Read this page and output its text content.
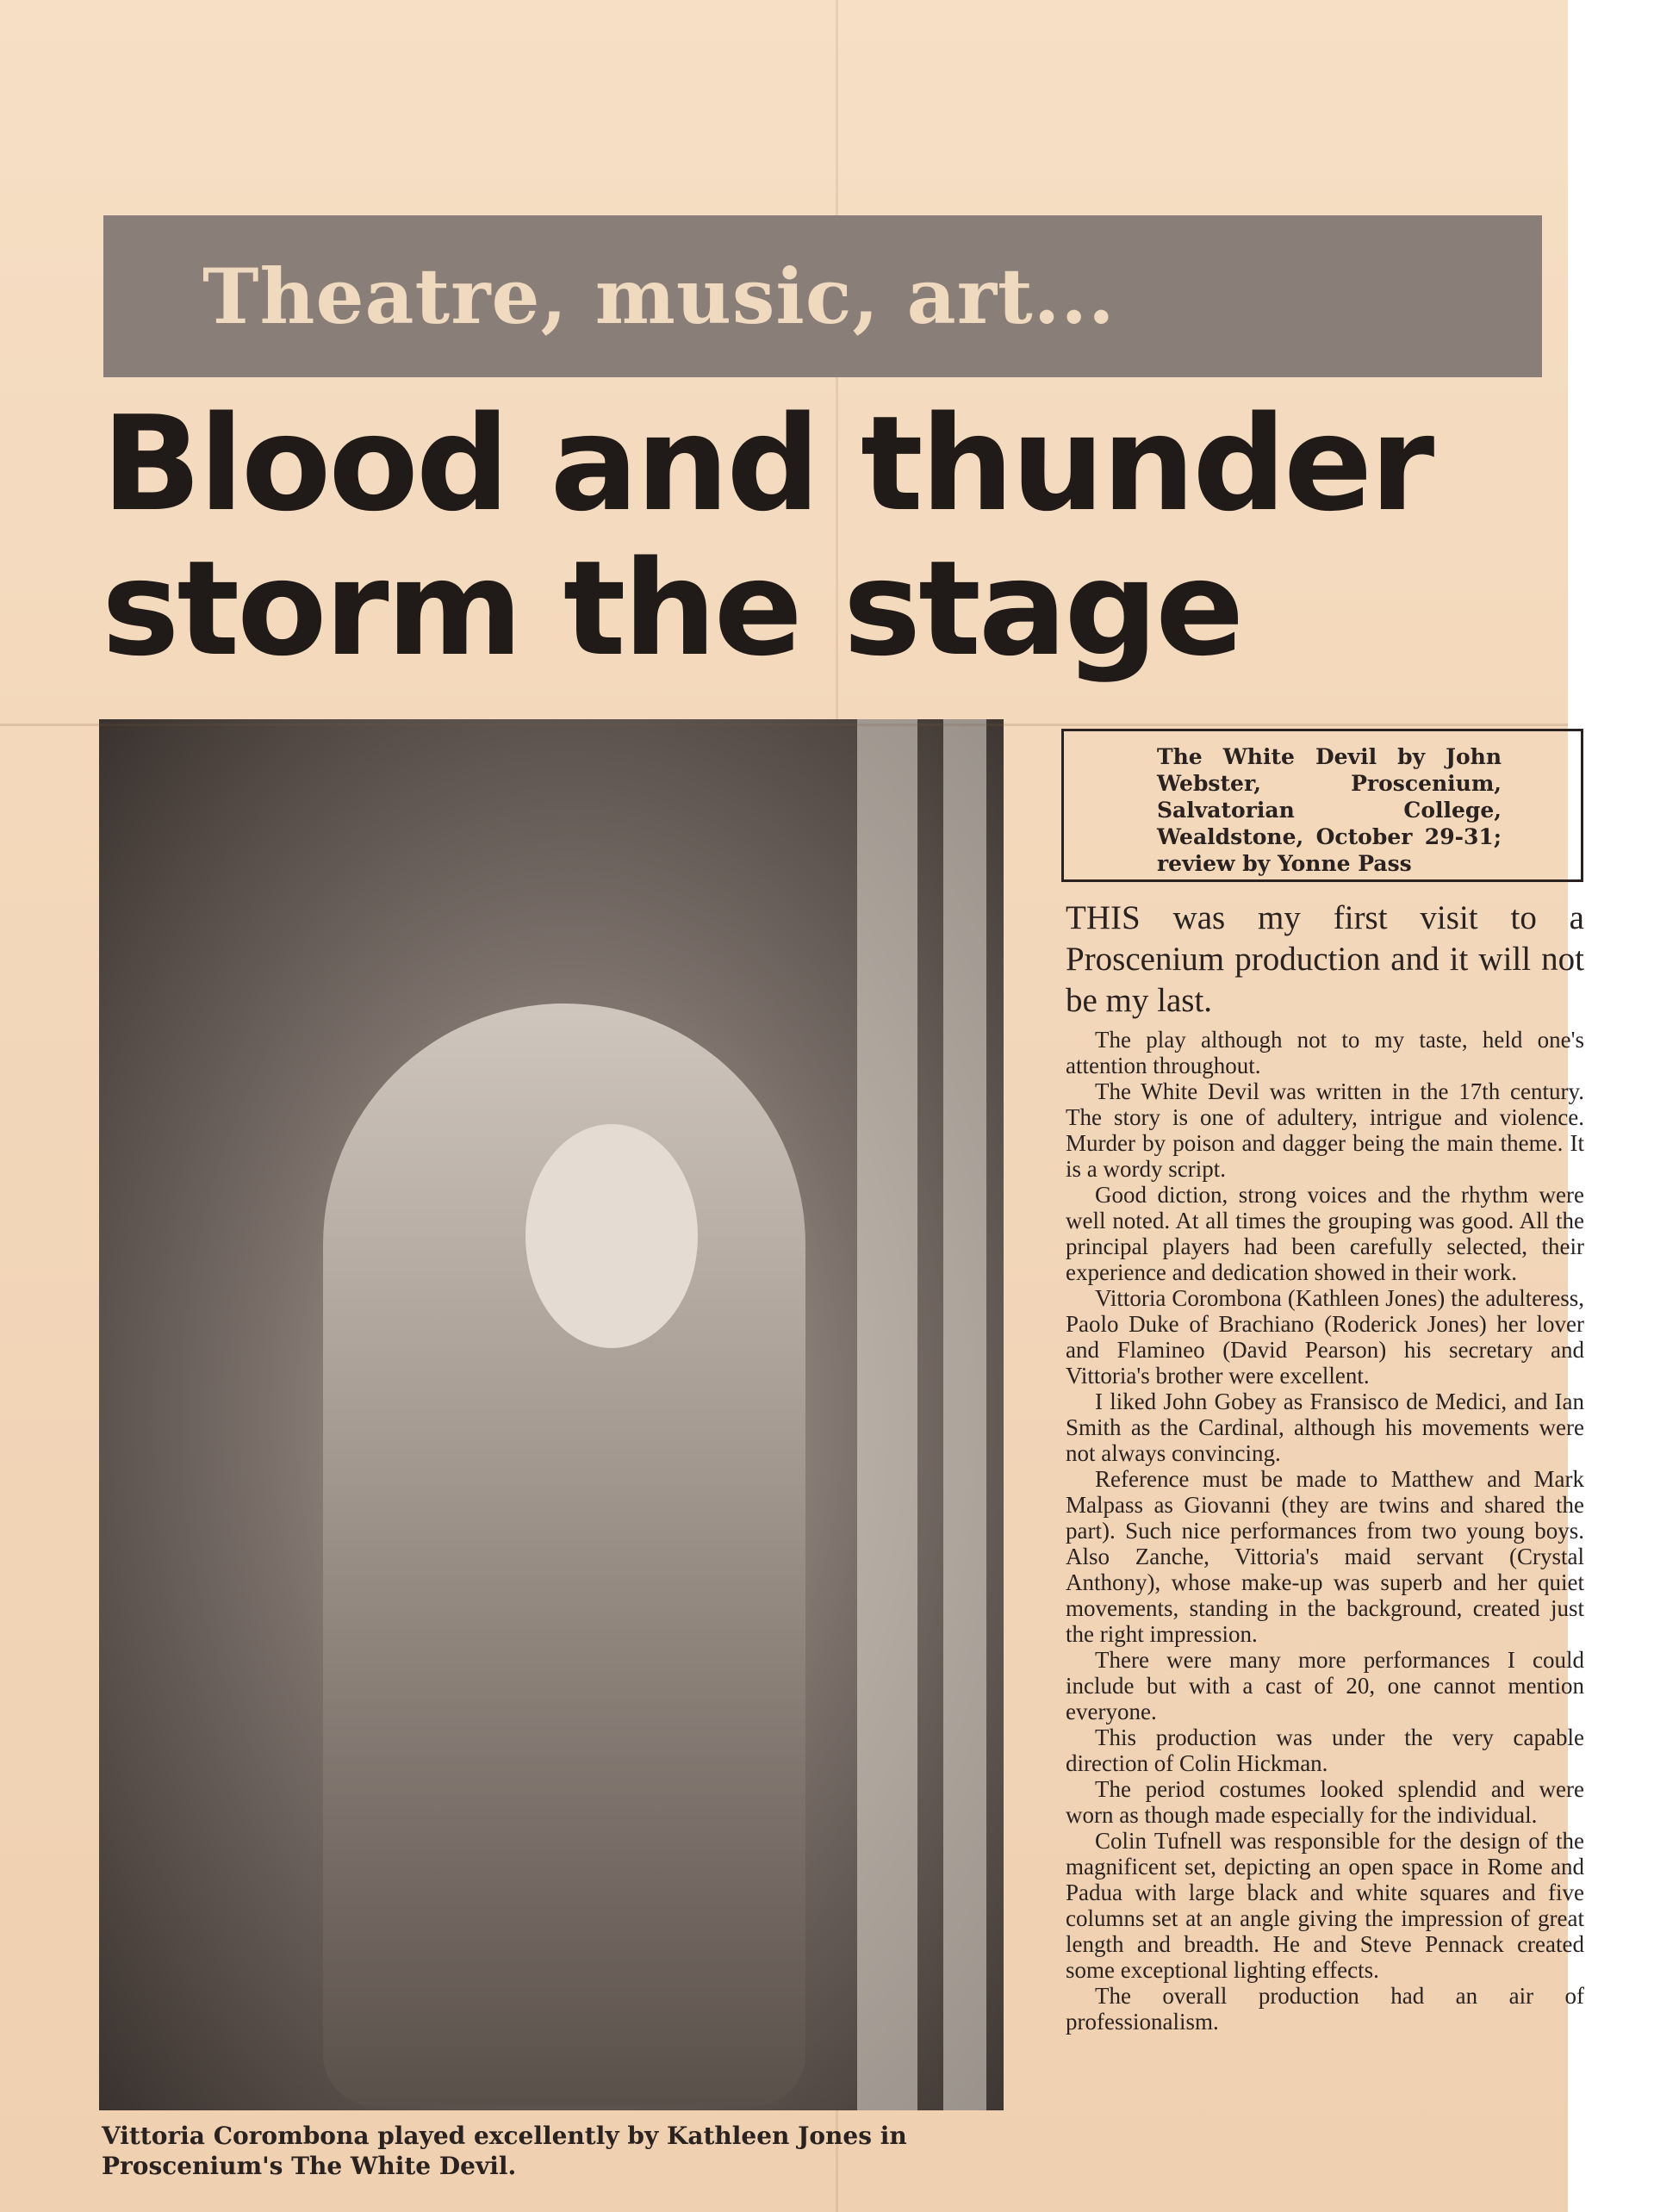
Theatre, music, art...
Blood and thunder
storm the stage
Vittoria Corombona played excellently by Kathleen Jones in Proscenium's The White Devil.
The White Devil by John Webster, Proscenium, Salvatorian College, Wealdstone, October 29-31; review by Yonne Pass

THIS was my first visit to a Proscenium production and it will not be my last.

The play although not to my taste, held one's attention throughout.

The White Devil was written in the 17th century. The story is one of adultery, intrigue and violence. Murder by poison and dagger being the main theme. It is a wordy script.

Good diction, strong voices and the rhythm were well noted. At all times the grouping was good. All the principal players had been carefully selected, their experience and dedication showed in their work.

Vittoria Corombona (Kathleen Jones) the adulteress, Paolo Duke of Brachiano (Roderick Jones) her lover and Flamineo (David Pearson) his secretary and Vittoria's brother were excellent.

I liked John Gobey as Fransisco de Medici, and Ian Smith as the Cardinal, although his movements were not always convincing.

Reference must be made to Matthew and Mark Malpass as Giovanni (they are twins and shared the part). Such nice performances from two young boys. Also Zanche, Vittoria's maid servant (Crystal Anthony), whose make-up was superb and her quiet movements, standing in the background, created just the right impression.

There were many more performances I could include but with a cast of 20, one cannot mention everyone.

This production was under the very capable direction of Colin Hickman.

The period costumes looked splendid and were worn as though made especially for the individual.

Colin Tufnell was responsible for the design of the magnificent set, depicting an open space in Rome and Padua with large black and white squares and five columns set at an angle giving the impression of great length and breadth. He and Steve Pennack created some exceptional lighting effects.

The overall production had an air of professionalism.
